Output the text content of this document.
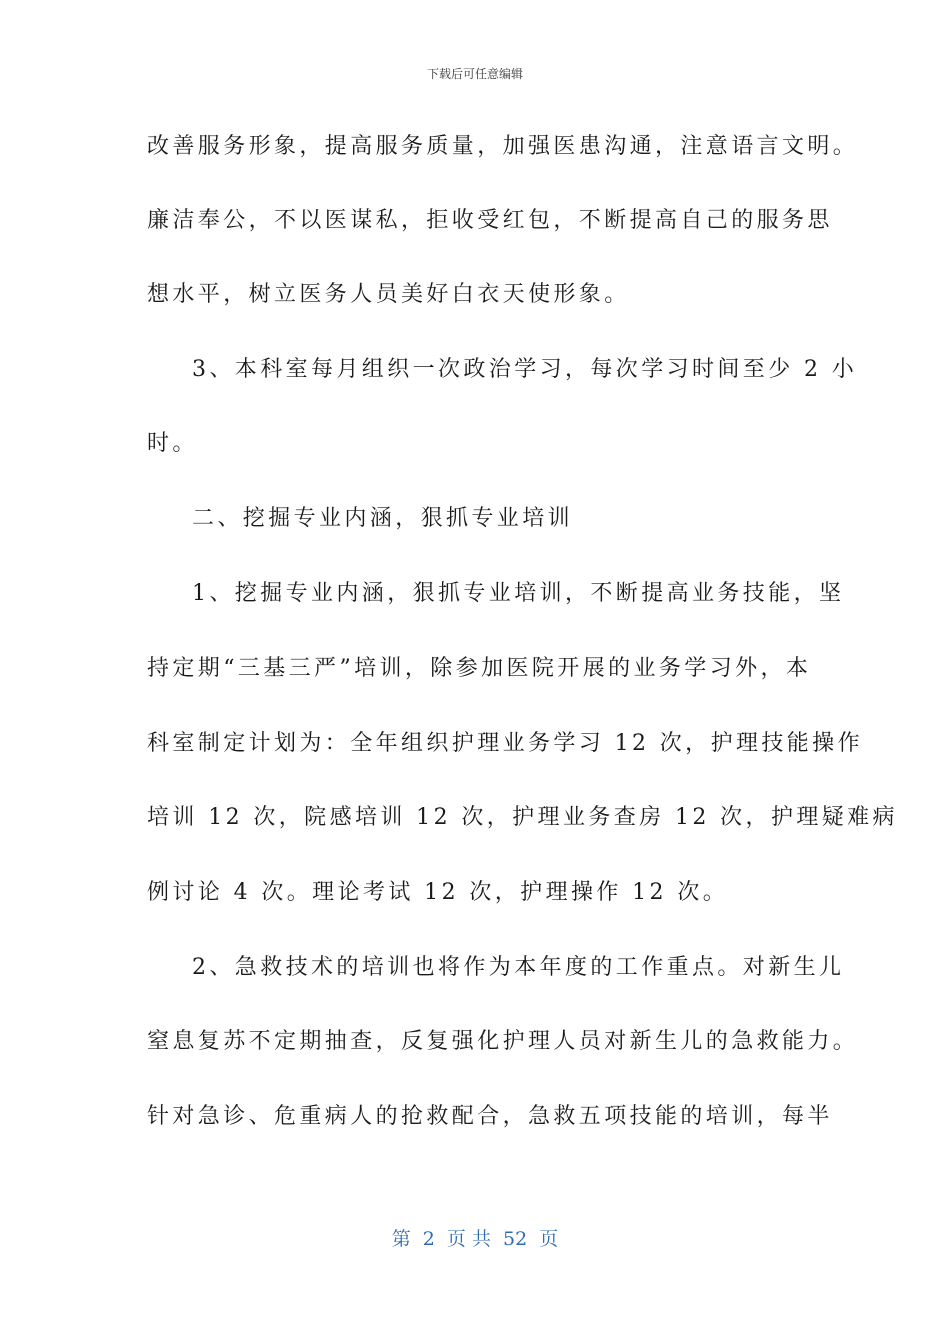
下载后可任意编辑
改善服务形象，提高服务质量，加强医患沟通，注意语言文明。
廉洁奉公，不以医谋私，拒收受红包，不断提高自己的服务思
想水平，树立医务人员美好白衣天使形象。
3、本科室每月组织一次政治学习，每次学习时间至少 2 小
时。
二、挖掘专业内涵，狠抓专业培训
1、挖掘专业内涵，狠抓专业培训，不断提高业务技能，坚
持定期“三基三严”培训，除参加医院开展的业务学习外，本
科室制定计划为：全年组织护理业务学习 12 次，护理技能操作
培训 12 次，院感培训 12 次，护理业务查房 12 次，护理疑难病
例讨论 4 次。理论考试 12 次，护理操作 12 次。
2、急救技术的培训也将作为本年度的工作重点。对新生儿
窒息复苏不定期抽查，反复强化护理人员对新生儿的急救能力。
针对急诊、危重病人的抢救配合，急救五项技能的培训，每半
第 2 页 共 52 页
